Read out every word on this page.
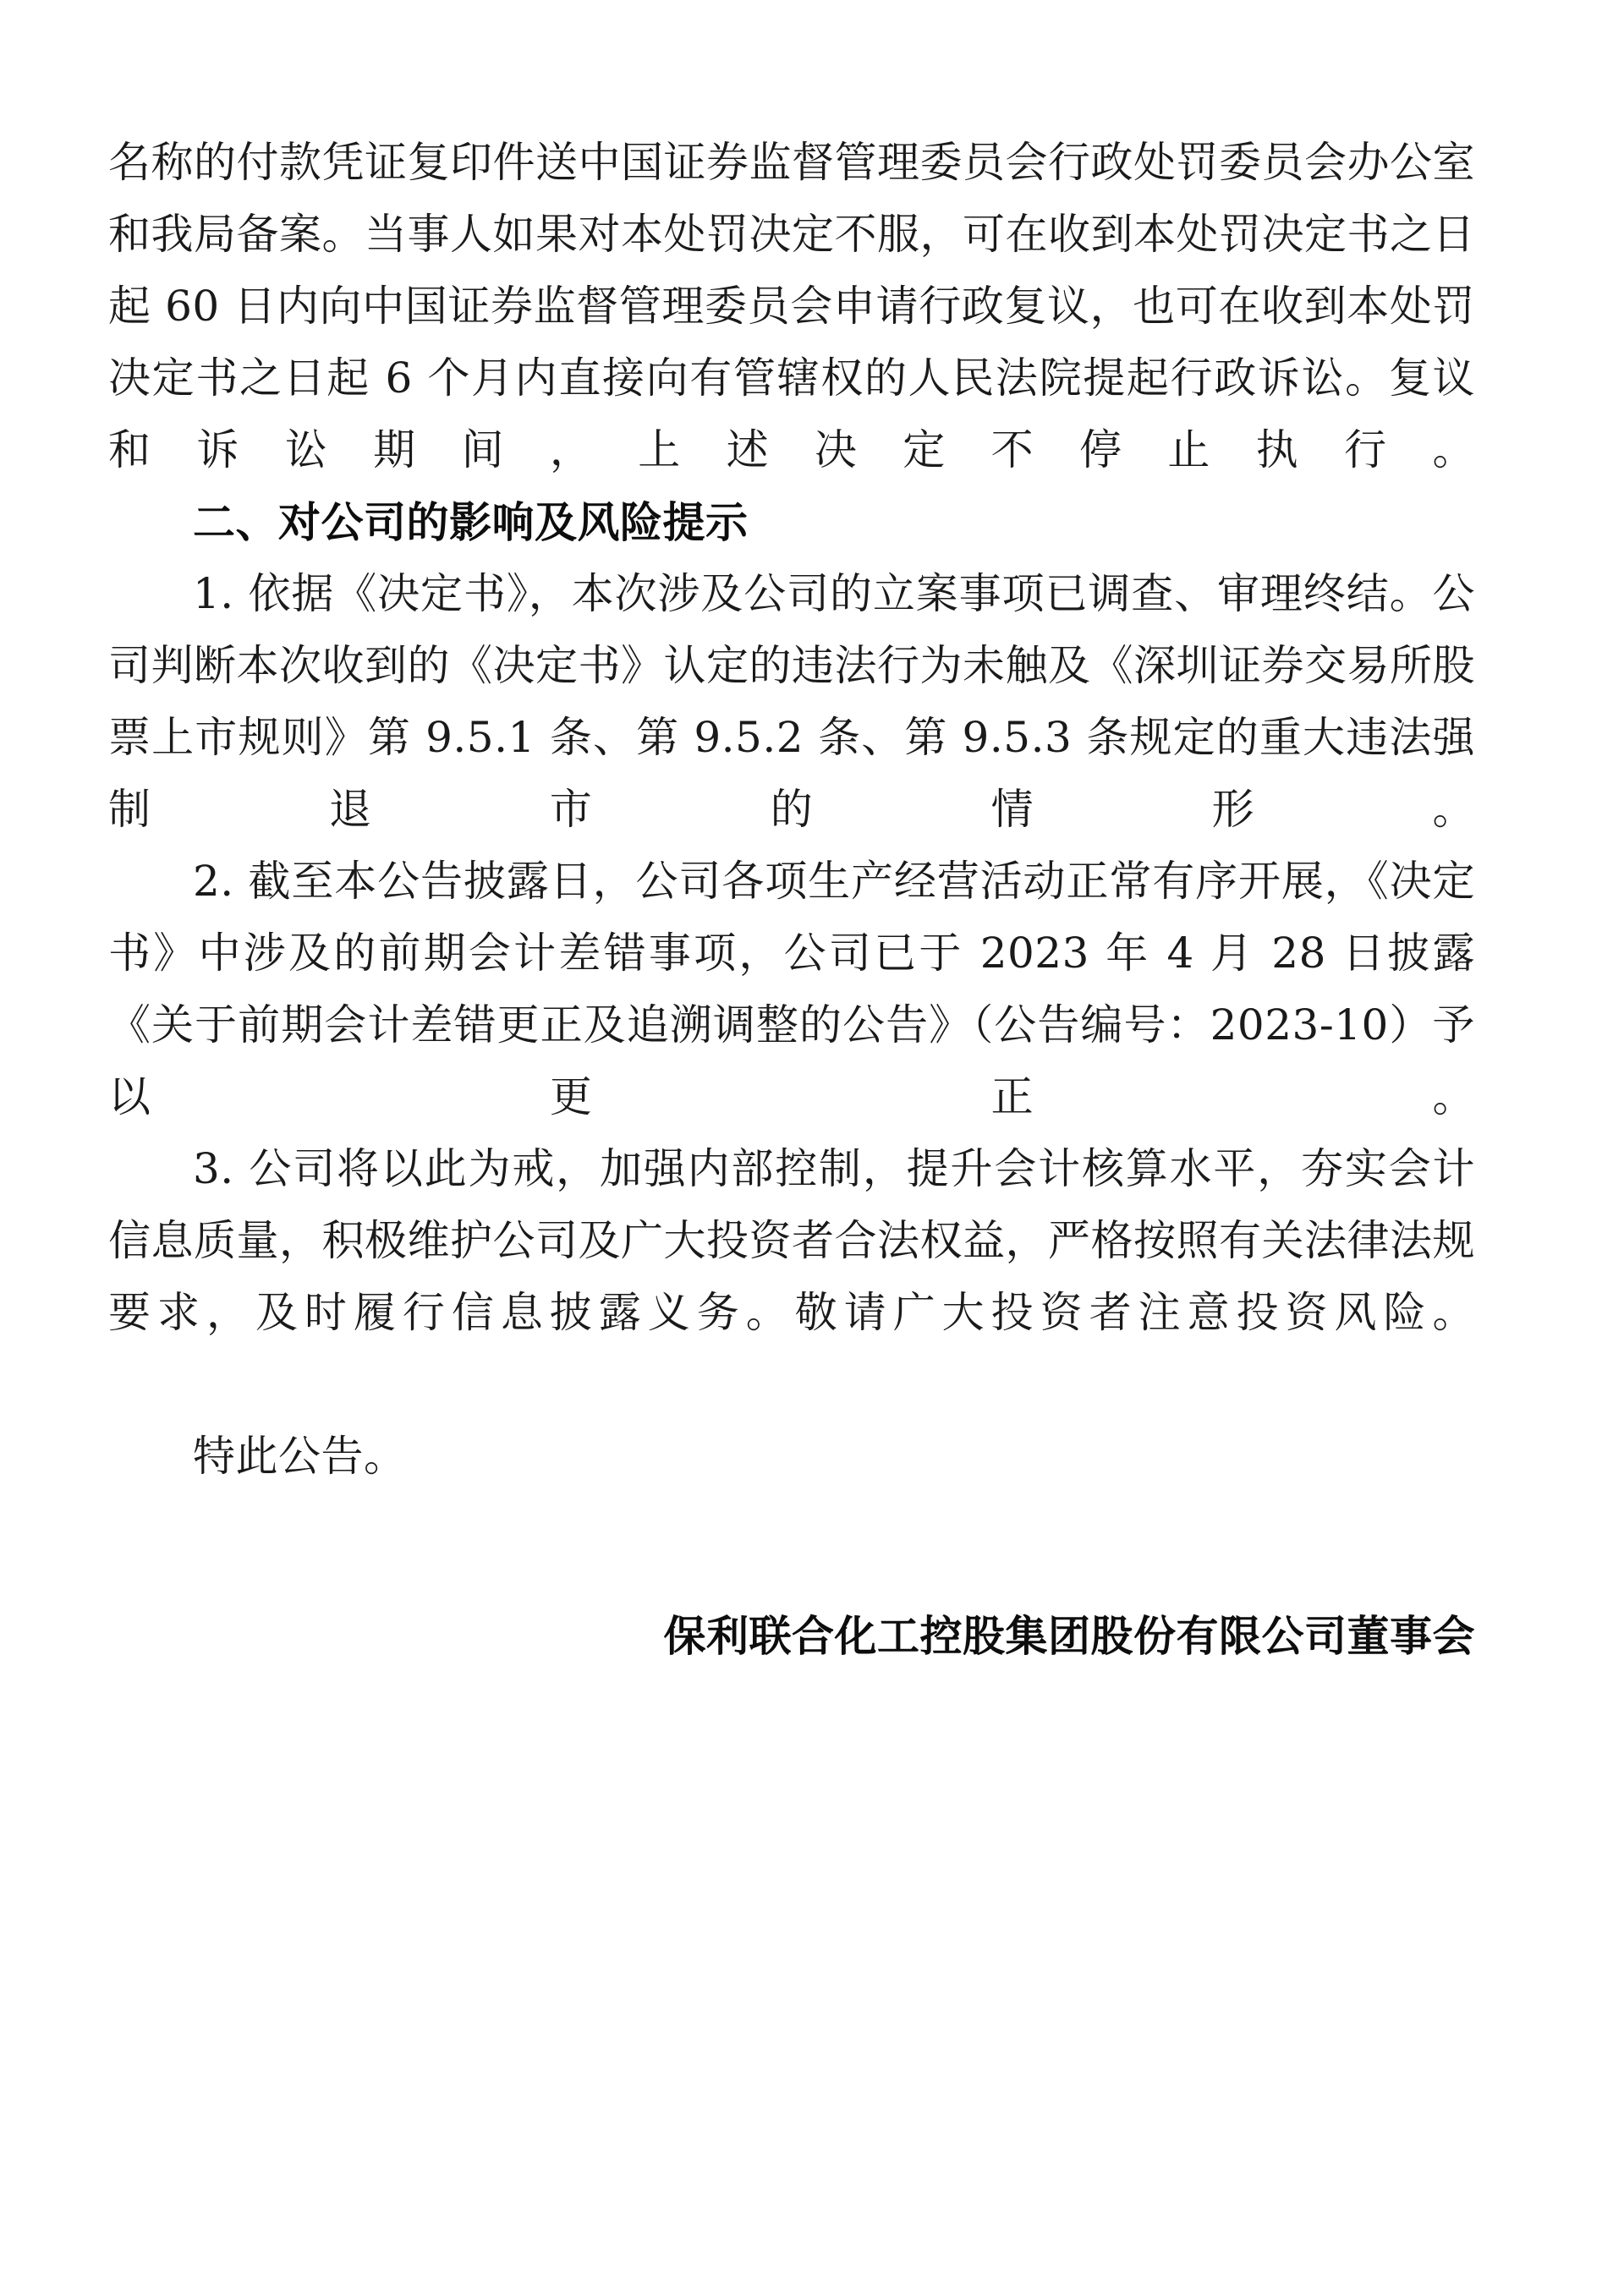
名称的付款凭证复印件送中国证券监督管理委员会行政处罚委员会办公室和我局备案。当事人如果对本处罚决定不服，可在收到本处罚决定书之日起 60 日内向中国证券监督管理委员会申请行政复议，也可在收到本处罚决定书之日起 6 个月内直接向有管辖权的人民法院提起行政诉讼。复议和诉讼期间，上述决定不停止执行。

二、对公司的影响及风险提示

1. 依据《决定书》，本次涉及公司的立案事项已调查、审理终结。公司判断本次收到的《决定书》认定的违法行为未触及《深圳证券交易所股票上市规则》第 9.5.1 条、第 9.5.2 条、第 9.5.3 条规定的重大违法强制退市的情形。

2. 截至本公告披露日，公司各项生产经营活动正常有序开展，《决定书》中涉及的前期会计差错事项，公司已于 2023 年 4 月 28 日披露《关于前期会计差错更正及追溯调整的公告》（公告编号：2023-10）予以更正。

3. 公司将以此为戒，加强内部控制，提升会计核算水平，夯实会计信息质量，积极维护公司及广大投资者合法权益，严格按照有关法律法规要求，及时履行信息披露义务。敬请广大投资者注意投资风险。

特此公告。

保利联合化工控股集团股份有限公司董事会
